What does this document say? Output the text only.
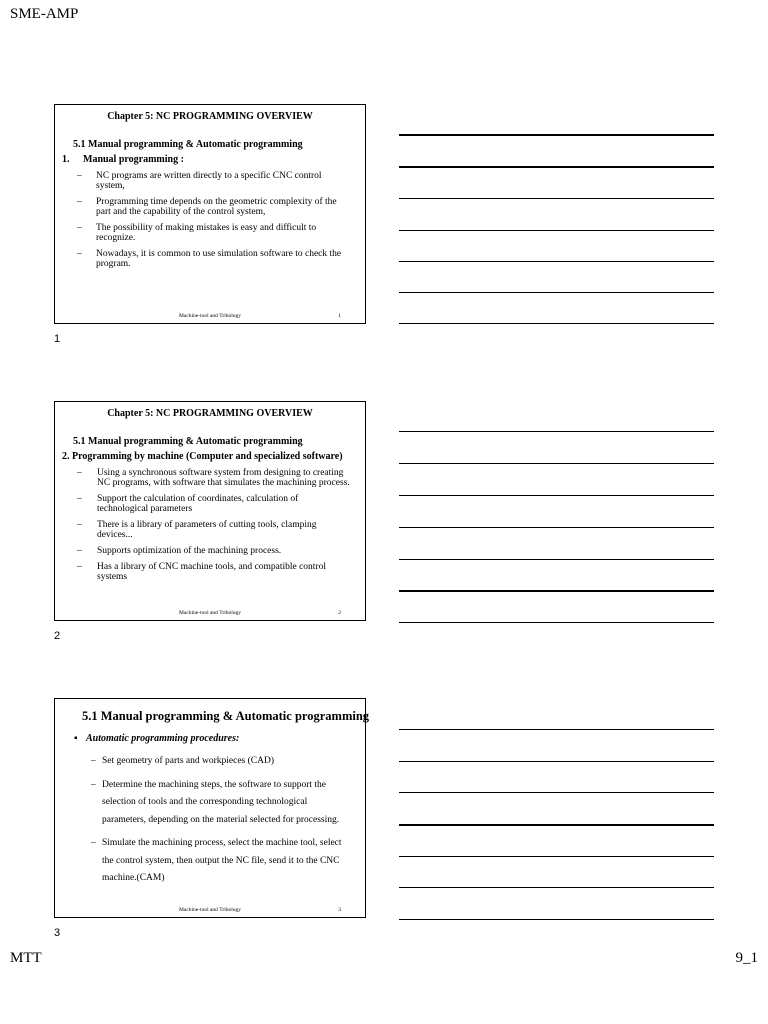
SME-AMP
Chapter 5: NC PROGRAMMING OVERVIEW
5.1 Manual programming & Automatic programming
1. Manual programming :
– NC programs are written directly to a specific CNC control system,
– Programming time depends on the geometric complexity of the part and the capability of the control system,
– The possibility of making mistakes is easy and difficult to recognize.
– Nowadays, it is common to use simulation software to check the program.
Machine-tool and Tribology	1
1
Chapter 5: NC PROGRAMMING OVERVIEW
5.1 Manual programming & Automatic programming
2. Programming by machine (Computer and specialized software)
– Using a synchronous software system from designing to creating NC programs, with software that simulates the machining process.
– Support the calculation of coordinates, calculation of technological parameters
– There is a library of parameters of cutting tools, clamping devices...
– Supports optimization of the machining process.
– Has a library of CNC machine tools, and compatible control systems
Machine-tool and Tribology	2
2
5.1 Manual programming & Automatic programming
▪ Automatic programming procedures:
– Set geometry of parts and workpieces (CAD)
– Determine the machining steps, the software to support the selection of tools and the corresponding technological parameters, depending on the material selected for processing.
– Simulate the machining process, select the machine tool, select the control system, then output the NC file, send it to the CNC machine.(CAM)
Machine-tool and Tribology	3
3
MTT	9_1
